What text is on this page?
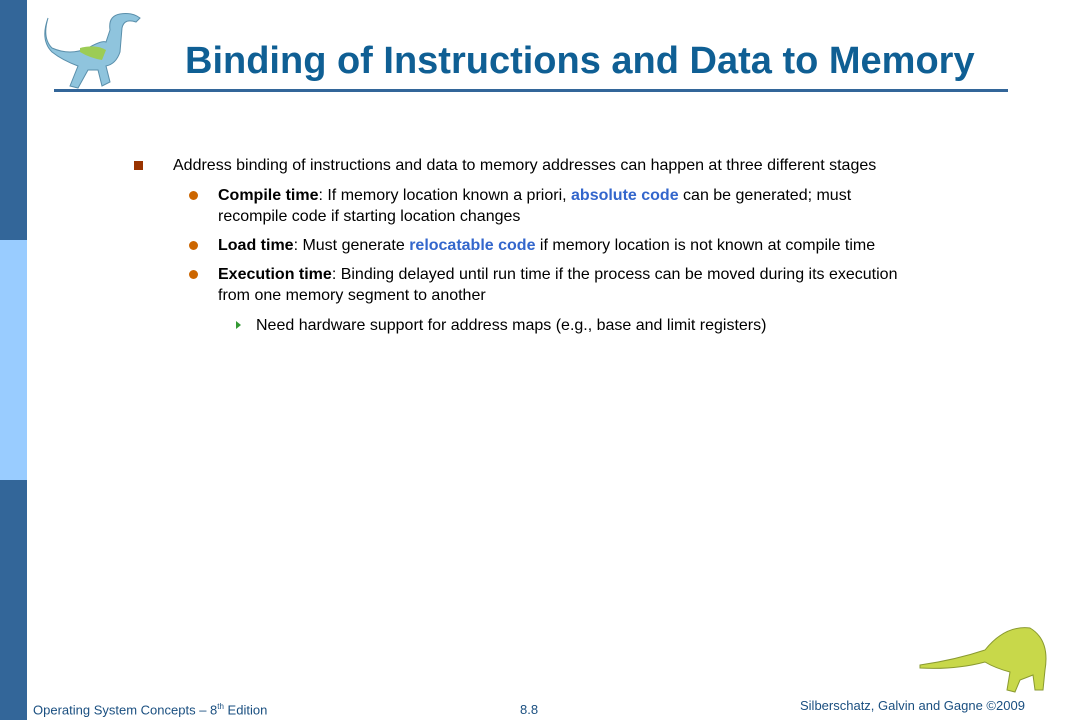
Binding of Instructions and Data to Memory
Address binding of instructions and data to memory addresses can happen at three different stages
Compile time: If memory location known a priori, absolute code can be generated; must
recompile code if starting location changes
Load time: Must generate relocatable code if memory location is not known at compile time
Execution time: Binding delayed until run time if the process can be moved during its execution
from one memory segment to another
Need hardware support for address maps (e.g., base and limit registers)
Operating System Concepts – 8th Edition	8.8	Silberschatz, Galvin and Gagne ©2009
